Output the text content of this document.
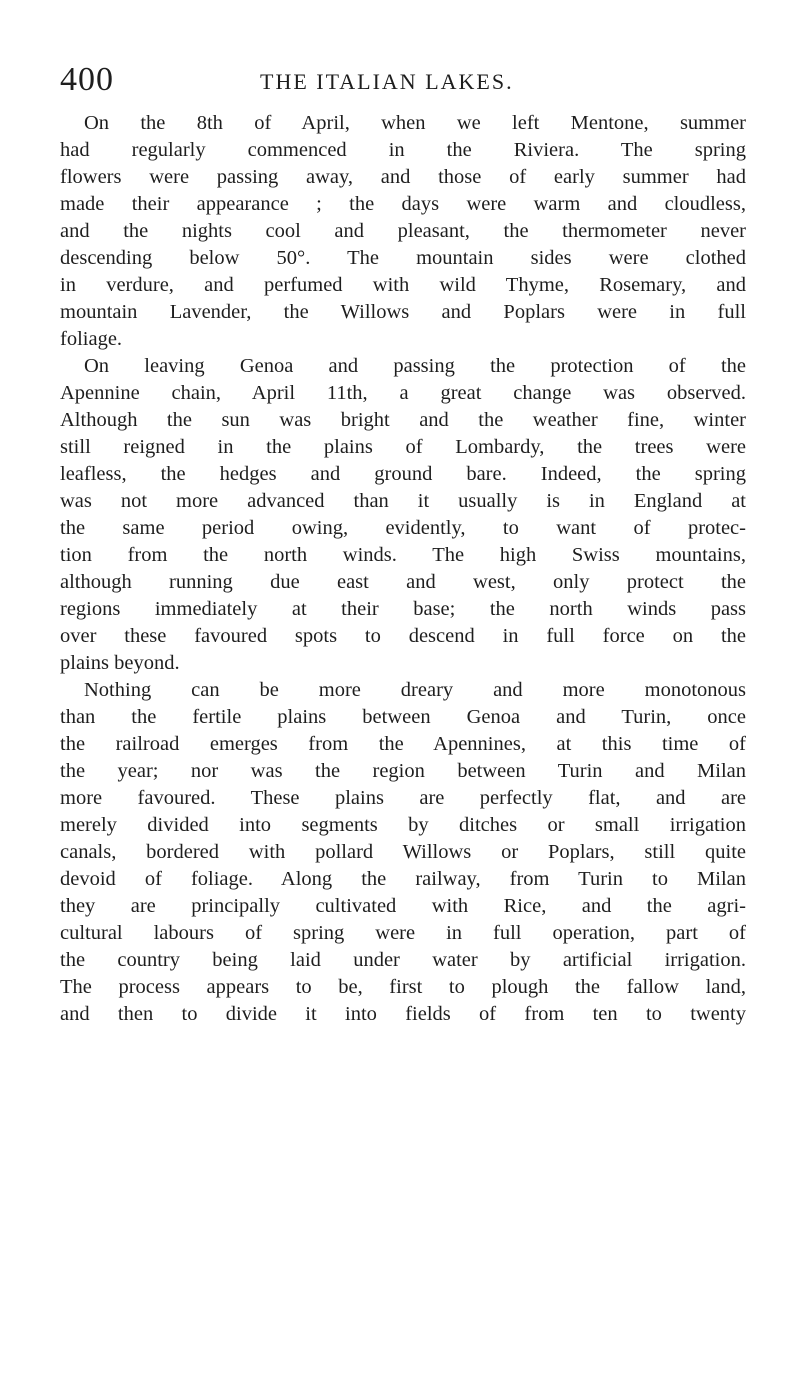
400	THE ITALIAN LAKES.
On the 8th of April, when we left Mentone, summer
had regularly commenced in the Riviera. The spring
flowers were passing away, and those of early summer had
made their appearance ; the days were warm and cloudless,
and the nights cool and pleasant, the thermometer never
descending below 50°. The mountain sides were clothed
in verdure, and perfumed with wild Thyme, Rosemary, and
mountain Lavender, the Willows and Poplars were in full
foliage.
On leaving Genoa and passing the protection of the
Apennine chain, April 11th, a great change was observed.
Although the sun was bright and the weather fine, winter
still reigned in the plains of Lombardy, the trees were
leafless, the hedges and ground bare. Indeed, the spring
was not more advanced than it usually is in England at
the same period owing, evidently, to want of protec-
tion from the north winds. The high Swiss mountains,
although running due east and west, only protect the
regions immediately at their base; the north winds pass
over these favoured spots to descend in full force on the
plains beyond.
Nothing can be more dreary and more monotonous
than the fertile plains between Genoa and Turin, once
the railroad emerges from the Apennines, at this time of
the year; nor was the region between Turin and Milan
more favoured. These plains are perfectly flat, and are
merely divided into segments by ditches or small irrigation
canals, bordered with pollard Willows or Poplars, still quite
devoid of foliage. Along the railway, from Turin to Milan
they are principally cultivated with Rice, and the agri-
cultural labours of spring were in full operation, part of
the country being laid under water by artificial irrigation.
The process appears to be, first to plough the fallow land,
and then to divide it into fields of from ten to twenty
